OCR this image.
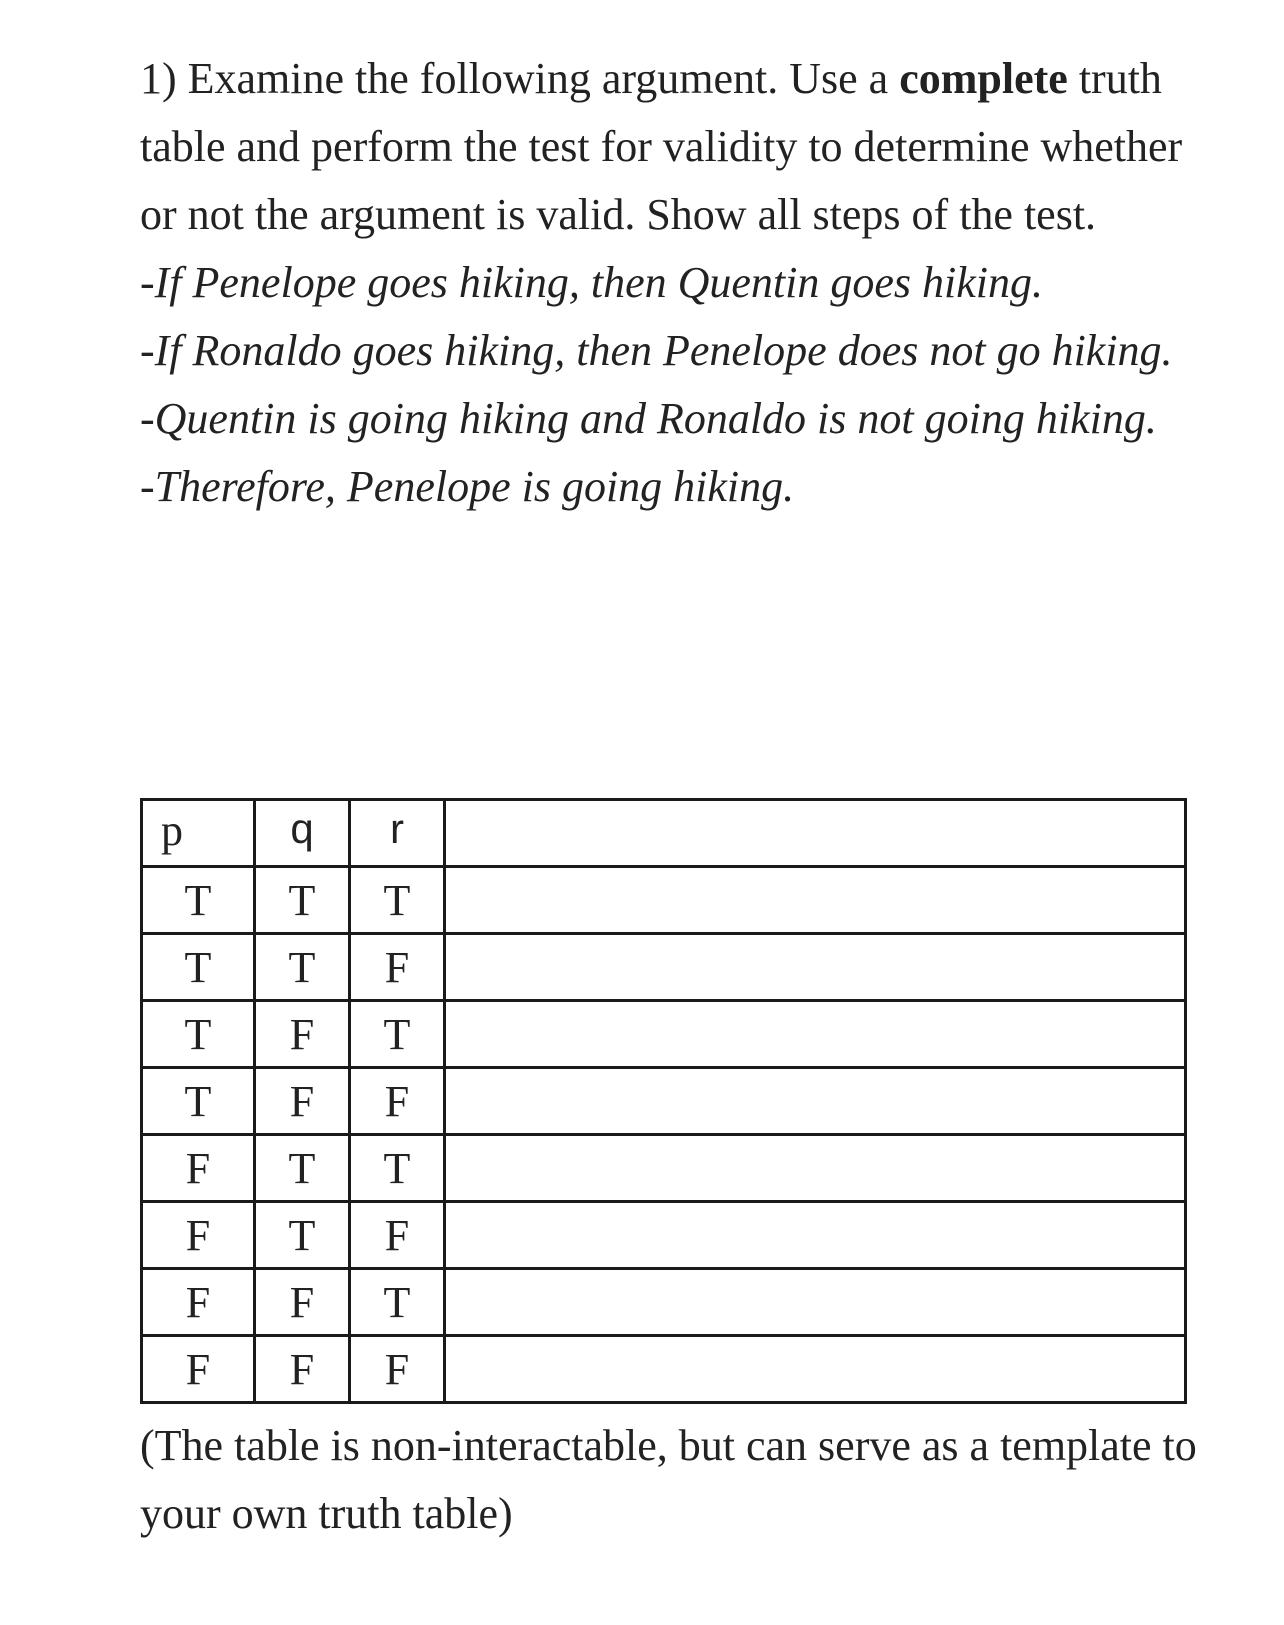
1) Examine the following argument. Use a complete truth table and perform the test for validity to determine whether or not the argument is valid. Show all steps of the test.

-If Penelope goes hiking, then Quentin goes hiking.

-If Ronaldo goes hiking, then Penelope does not go hiking.

-Quentin is going hiking and Ronaldo is not going hiking.

-Therefore, Penelope is going hiking.

p	q	r	
T	T	T	
T	T	F	
T	F	T	
T	F	F	
F	T	T	
F	T	F	
F	F	T	
F	F	F	

(The table is non-interactable, but can serve as a template to your own truth table)
